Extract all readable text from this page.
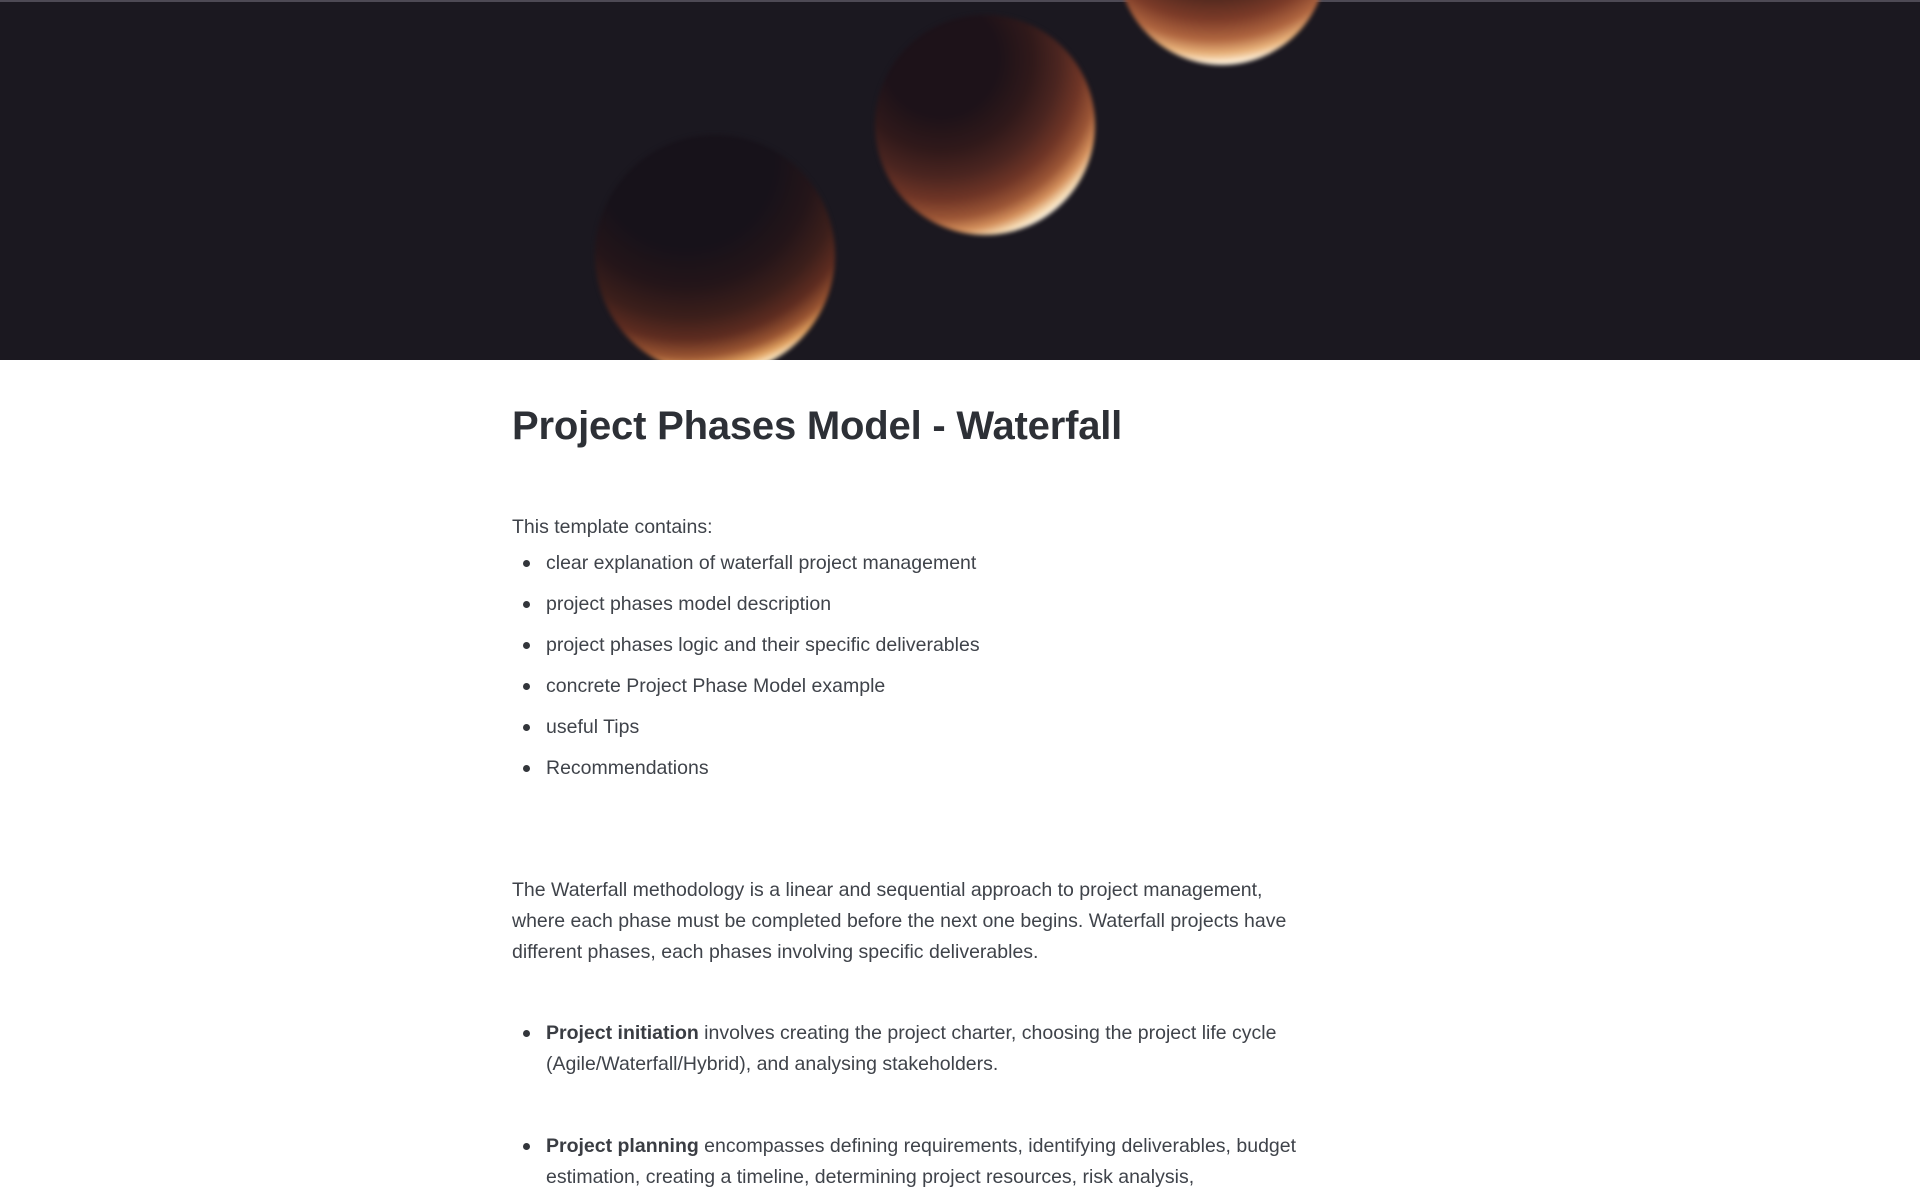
Project Phases Model - Waterfall
This template contains:
clear explanation of waterfall project management
project phases model description
project phases logic and their specific deliverables
concrete Project Phase Model example
useful Tips
Recommendations
The Waterfall methodology is a linear and sequential approach to project management,
where each phase must be completed before the next one begins. Waterfall projects have
different phases, each phases involving specific deliverables.
Project initiation involves creating the project charter, choosing the project life cycle
(Agile/Waterfall/Hybrid), and analysing stakeholders.
Project planning encompasses defining requirements, identifying deliverables, budget
estimation, creating a timeline, determining project resources, risk analysis,
